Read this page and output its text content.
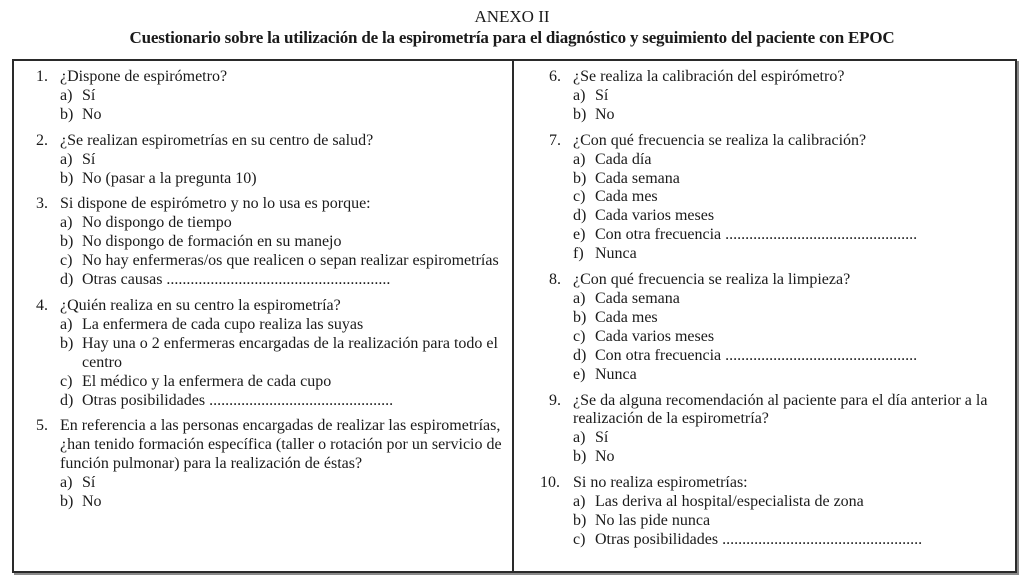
ANEXO II
Cuestionario sobre la utilización de la espirometría para el diagnóstico y seguimiento del paciente con EPOC
1. ¿Dispone de espirómetro?
a) Sí
b) No
2. ¿Se realizan espirometrías en su centro de salud?
a) Sí
b) No (pasar a la pregunta 10)
3. Si dispone de espirómetro y no lo usa es porque:
a) No dispongo de tiempo
b) No dispongo de formación en su manejo
c) No hay enfermeras/os que realicen o sepan realizar espirometrías
d) Otras causas ........................................................
4. ¿Quién realiza en su centro la espirometría?
a) La enfermera de cada cupo realiza las suyas
b) Hay una o 2 enfermeras encargadas de la realización para todo el centro
c) El médico y la enfermera de cada cupo
d) Otras posibilidades ..............................................
5. En referencia a las personas encargadas de realizar las espirometrías, ¿han tenido formación específica (taller o rotación por un servicio de función pulmonar) para la realización de éstas?
a) Sí
b) No
6. ¿Se realiza la calibración del espirómetro?
a) Sí
b) No
7. ¿Con qué frecuencia se realiza la calibración?
a) Cada día
b) Cada semana
c) Cada mes
d) Cada varios meses
e) Con otra frecuencia ................................................
f) Nunca
8. ¿Con qué frecuencia se realiza la limpieza?
a) Cada semana
b) Cada mes
c) Cada varios meses
d) Con otra frecuencia ................................................
e) Nunca
9. ¿Se da alguna recomendación al paciente para el día anterior a la realización de la espirometría?
a) Sí
b) No
10. Si no realiza espirometrías:
a) Las deriva al hospital/especialista de zona
b) No las pide nunca
c) Otras posibilidades ..................................................
